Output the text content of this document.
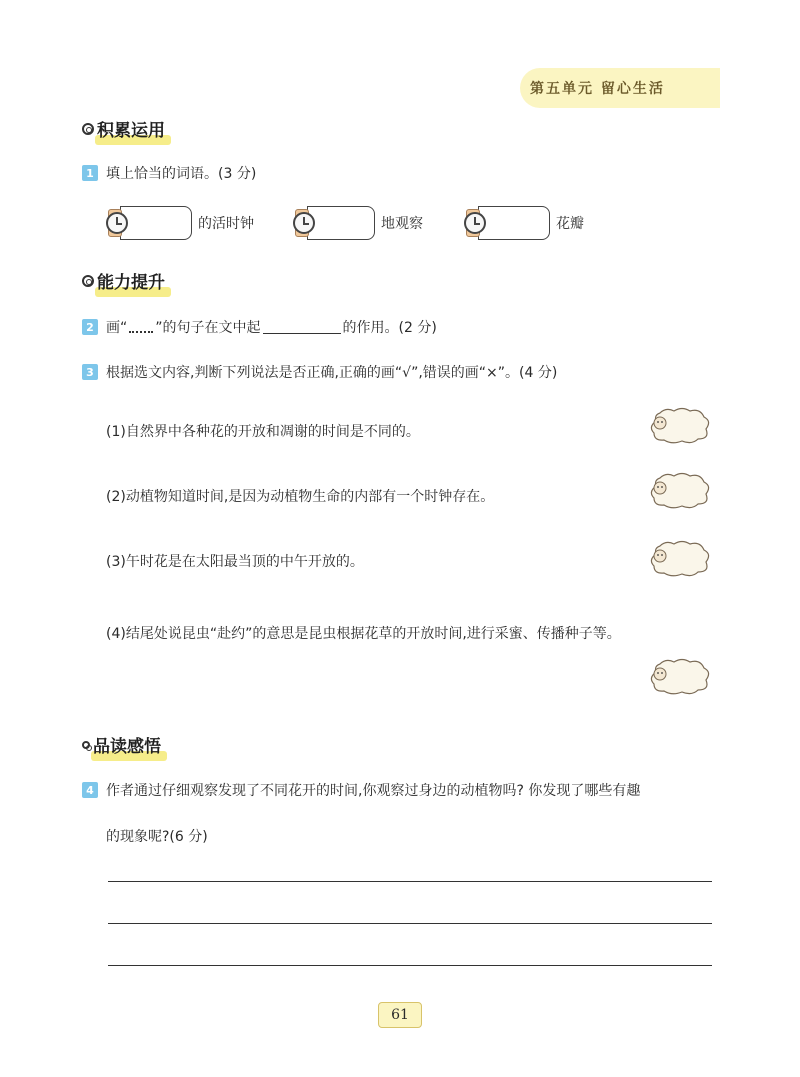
第五单元 留心生活
积累运用
1 填上恰当的词语。(3 分)
的活时钟	地观察	花瓣
能力提升
2 画“ ”的句子在文中起	的作用。(2 分)
3 根据选文内容,判断下列说法是否正确,正确的画“√”,错误的画“×”。(4 分)
(1)自然界中各种花的开放和凋谢的时间是不同的。
(2)动植物知道时间,是因为动植物生命的内部有一个时钟存在。
(3)午时花是在太阳最当顶的中午开放的。
(4)结尾处说昆虫“赴约”的意思是昆虫根据花草的开放时间,进行采蜜、传播种子等。
品读感悟
4 作者通过仔细观察发现了不同花开的时间,你观察过身边的动植物吗? 你发现了哪些有趣
的现象呢?(6 分)
61
